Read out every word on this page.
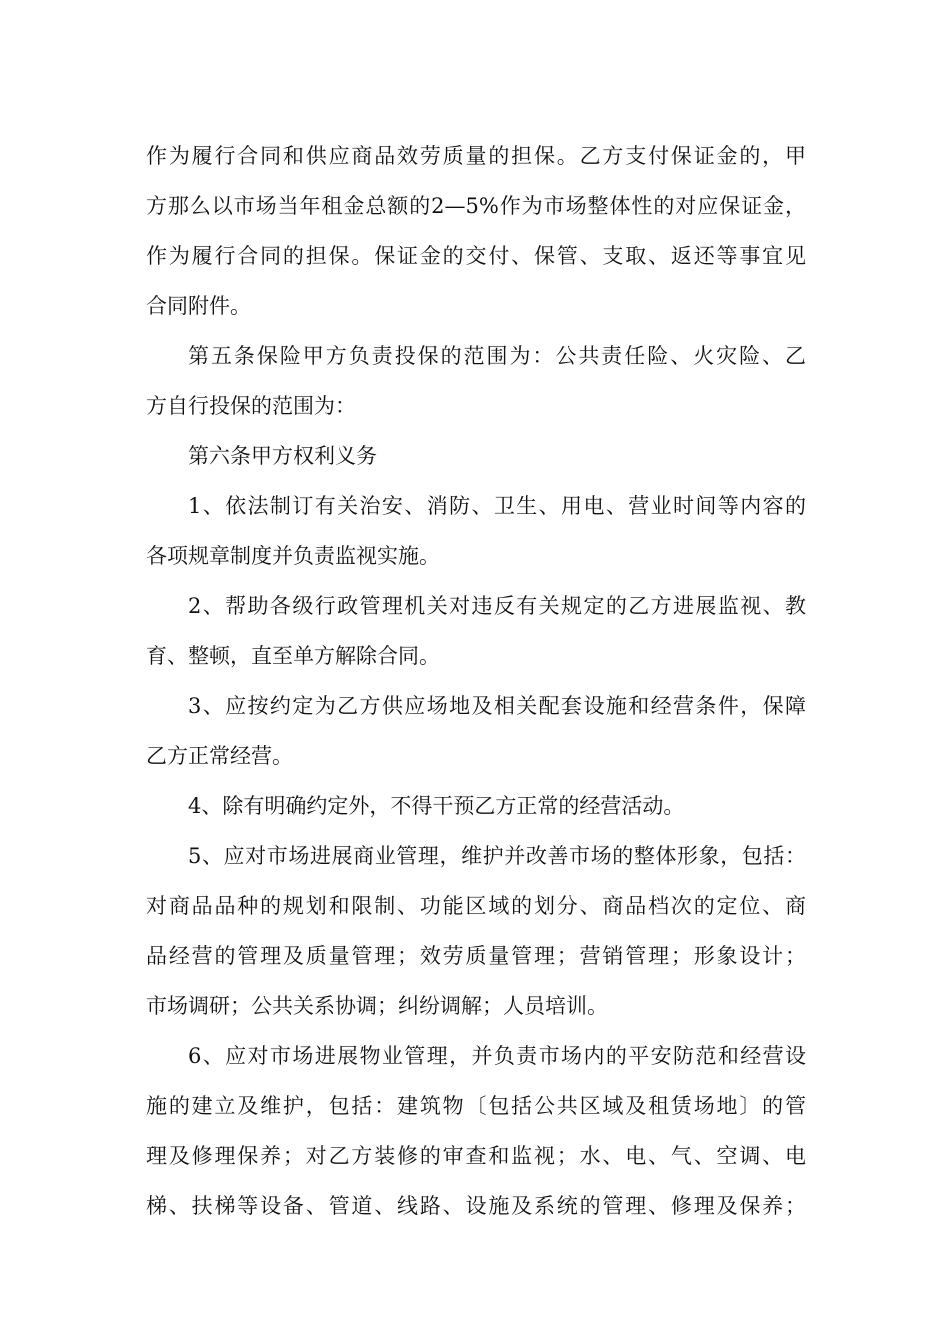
作为履行合同和供应商品效劳质量的担保。乙方支付保证金的，甲
方那么以市场当年租金总额的2—5%作为市场整体性的对应保证金，
作为履行合同的担保。保证金的交付、保管、支取、返还等事宜见
合同附件。
第五条保险甲方负责投保的范围为：公共责任险、火灾险、乙
方自行投保的范围为：
第六条甲方权利义务
1、依法制订有关治安、消防、卫生、用电、营业时间等内容的
各项规章制度并负责监视实施。
2、帮助各级行政管理机关对违反有关规定的乙方进展监视、教
育、整顿，直至单方解除合同。
3、应按约定为乙方供应场地及相关配套设施和经营条件，保障
乙方正常经营。
4、除有明确约定外，不得干预乙方正常的经营活动。
5、应对市场进展商业管理，维护并改善市场的整体形象，包括：
对商品品种的规划和限制、功能区域的划分、商品档次的定位、商
品经营的管理及质量管理；效劳质量管理；营销管理；形象设计；
市场调研；公共关系协调；纠纷调解；人员培训。
6、应对市场进展物业管理，并负责市场内的平安防范和经营设
施的建立及维护，包括：建筑物〔包括公共区域及租赁场地〕的管
理及修理保养；对乙方装修的审查和监视；水、电、气、空调、电
梯、扶梯等设备、管道、线路、设施及系统的管理、修理及保养；
